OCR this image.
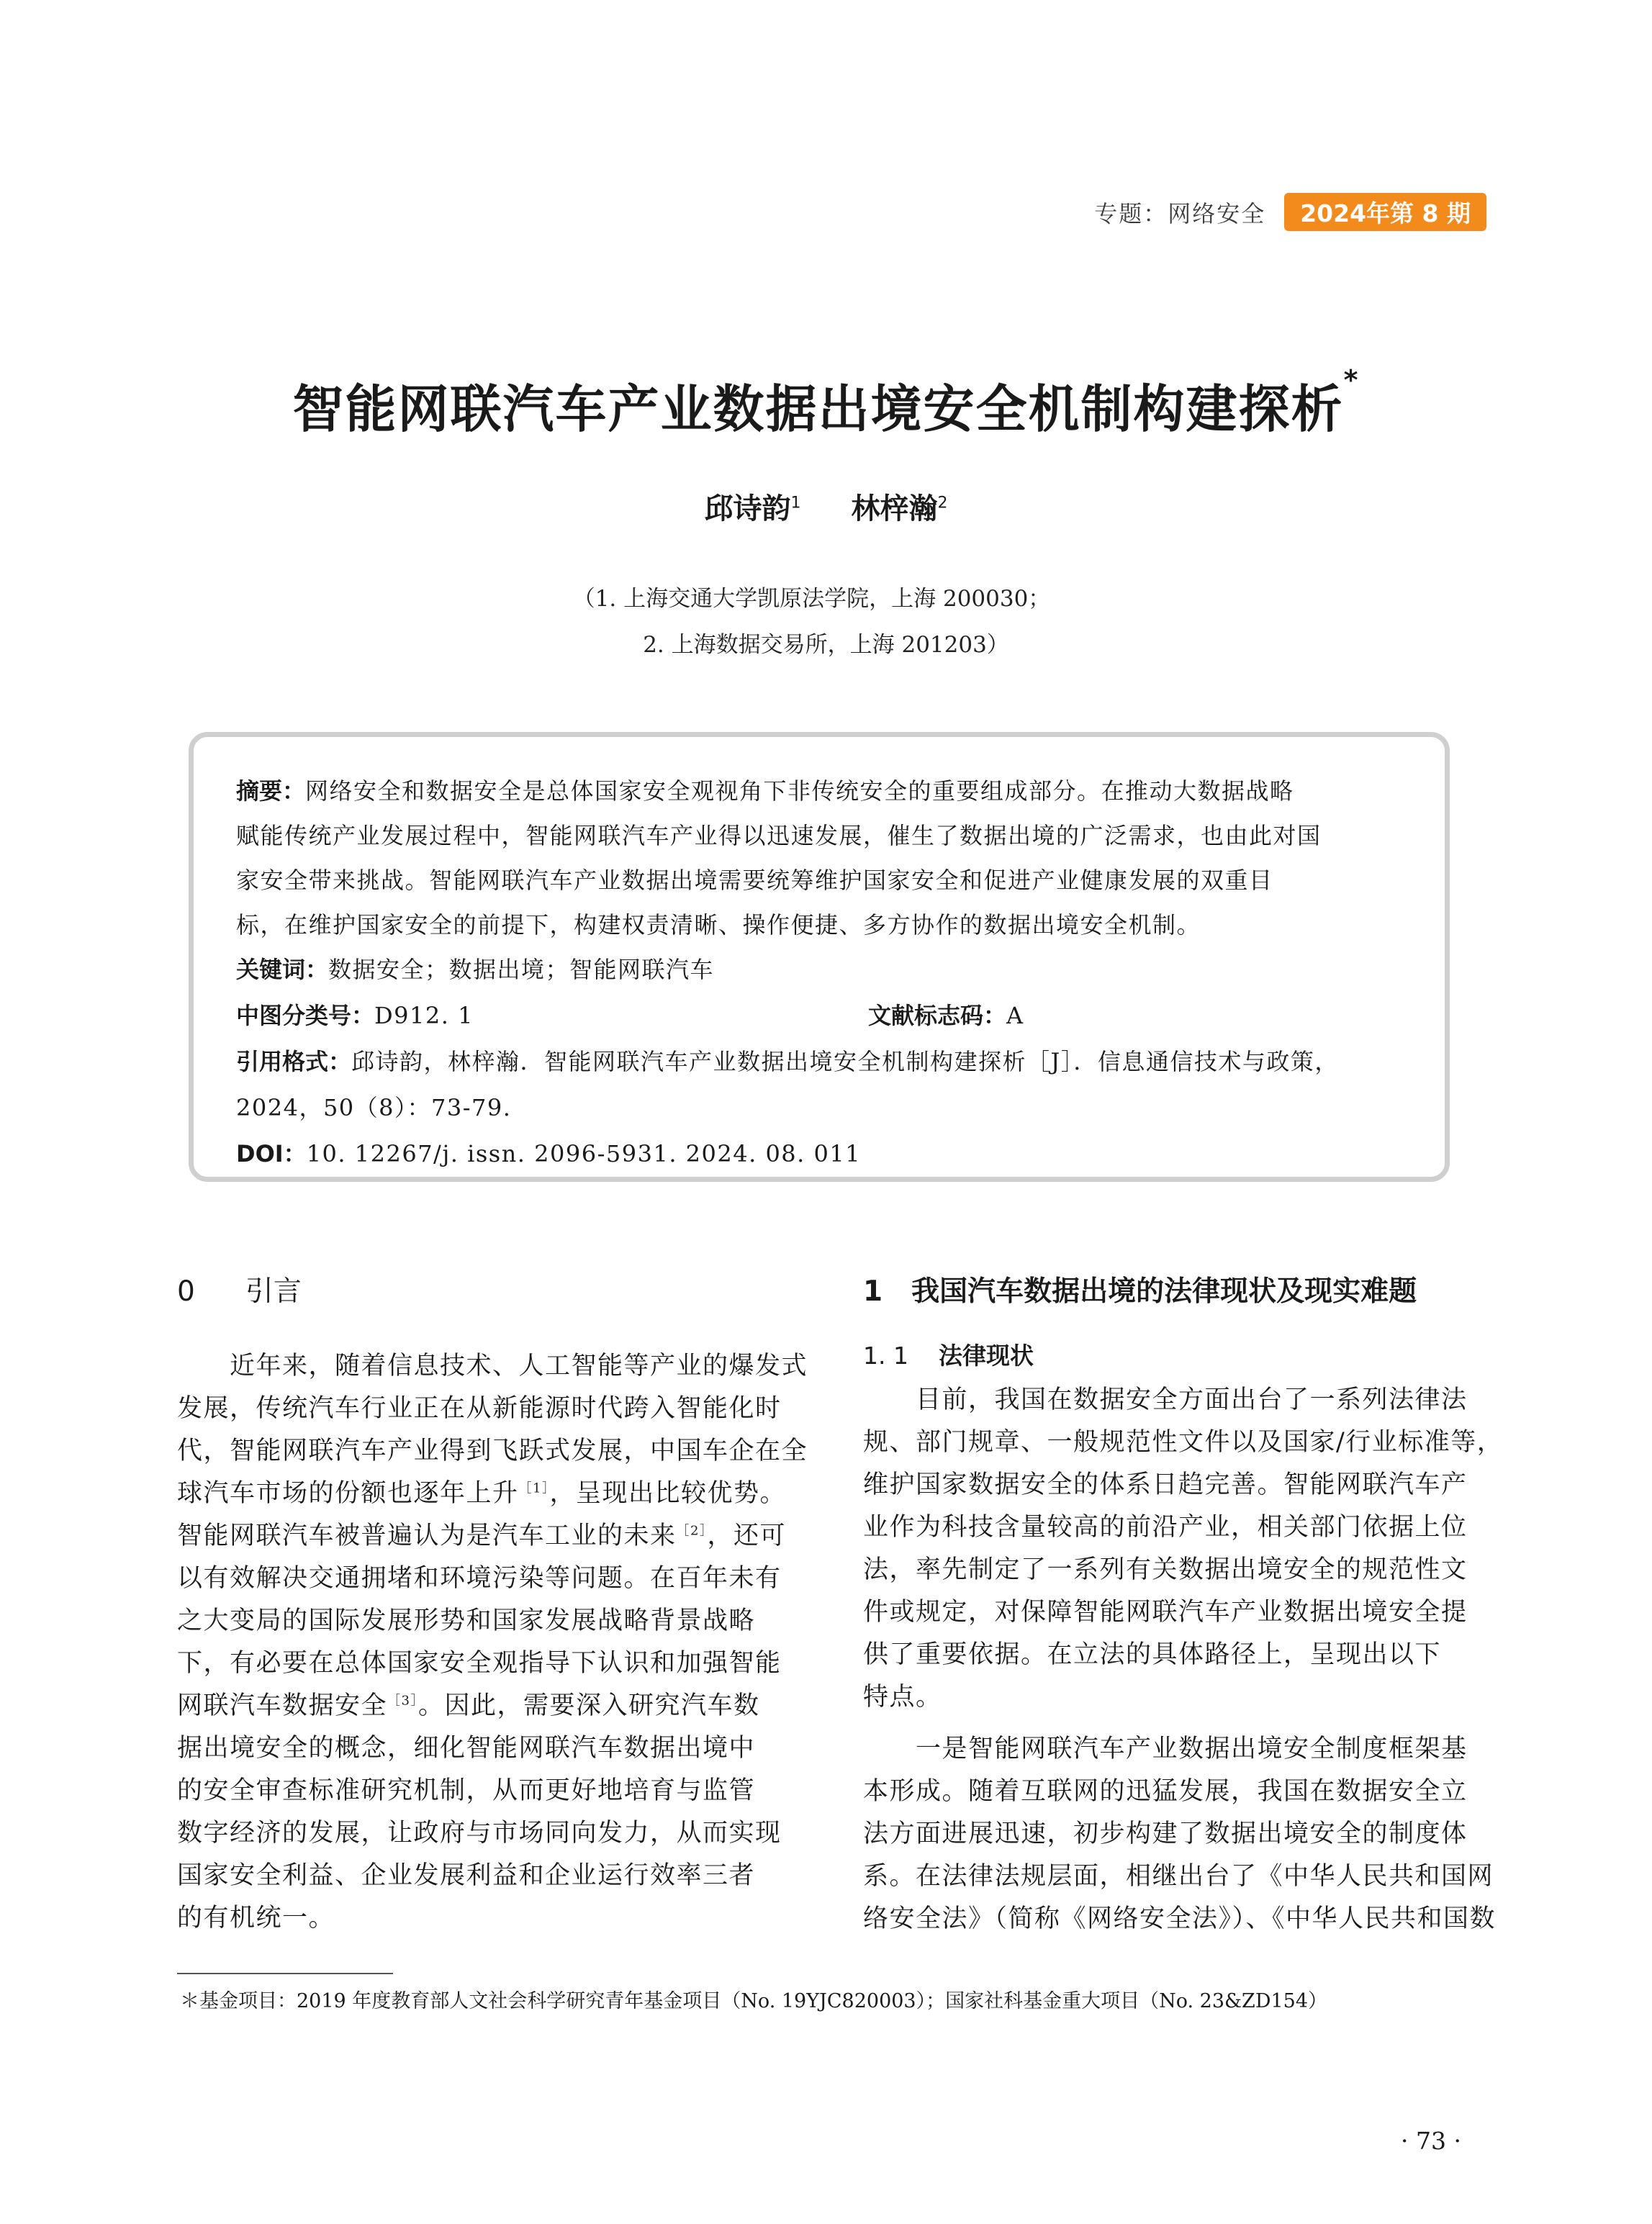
专题：网络安全	2024年第 8 期
智能网联汽车产业数据出境安全机制构建探析*
邱诗韵$^1$ 林梓瀚$^2$
（1. 上海交通大学凯原法学院，上海 200030；
2. 上海数据交易所，上海 201203）
摘要：网络安全和数据安全是总体国家安全观视角下非传统安全的重要组成部分。在推动大数据战略
赋能传统产业发展过程中，智能网联汽车产业得以迅速发展，催生了数据出境的广泛需求，也由此对国
家安全带来挑战。智能网联汽车产业数据出境需要统筹维护国家安全和促进产业健康发展的双重目
标，在维护国家安全的前提下，构建权责清晰、操作便捷、多方协作的数据出境安全机制。
关键词：数据安全；数据出境；智能网联汽车
中图分类号：D912. 1	文献标志码：A
引用格式：邱诗韵，林梓瀚．智能网联汽车产业数据出境安全机制构建探析［J］．信息通信技术与政策，
2024，50（8）：73-79.
DOI：10. 12267/j. issn. 2096-5931. 2024. 08. 011
0 引言
　　近年来，随着信息技术、人工智能等产业的爆发式
发展，传统汽车行业正在从新能源时代跨入智能化时
代，智能网联汽车产业得到飞跃式发展，中国车企在全
球汽车市场的份额也逐年上升$^{[1]}$，呈现出比较优势。
智能网联汽车被普遍认为是汽车工业的未来$^{[2]}$，还可
以有效解决交通拥堵和环境污染等问题。在百年未有
之大变局的国际发展形势和国家发展战略背景战略
下，有必要在总体国家安全观指导下认识和加强智能
网联汽车数据安全$^{[3]}$。因此，需要深入研究汽车数
据出境安全的概念，细化智能网联汽车数据出境中
的安全审查标准研究机制，从而更好地培育与监管
数字经济的发展，让政府与市场同向发力，从而实现
国家安全利益、企业发展利益和企业运行效率三者
的有机统一。
1 我国汽车数据出境的法律现状及现实难题
1. 1 法律现状
　　目前，我国在数据安全方面出台了一系列法律法
规、部门规章、一般规范性文件以及国家/行业标准等，
维护国家数据安全的体系日趋完善。智能网联汽车产
业作为科技含量较高的前沿产业，相关部门依据上位
法，率先制定了一系列有关数据出境安全的规范性文
件或规定，对保障智能网联汽车产业数据出境安全提
供了重要依据。在立法的具体路径上，呈现出以下
特点。
　　一是智能网联汽车产业数据出境安全制度框架基
本形成。随着互联网的迅猛发展，我国在数据安全立
法方面进展迅速，初步构建了数据出境安全的制度体
系。在法律法规层面，相继出台了《中华人民共和国网
络安全法》（简称《网络安全法》）、《中华人民共和国数
＊基金项目：2019 年度教育部人文社会科学研究青年基金项目（No. 19YJC820003）；国家社科基金重大项目（No. 23&ZD154）
· 73 ·
